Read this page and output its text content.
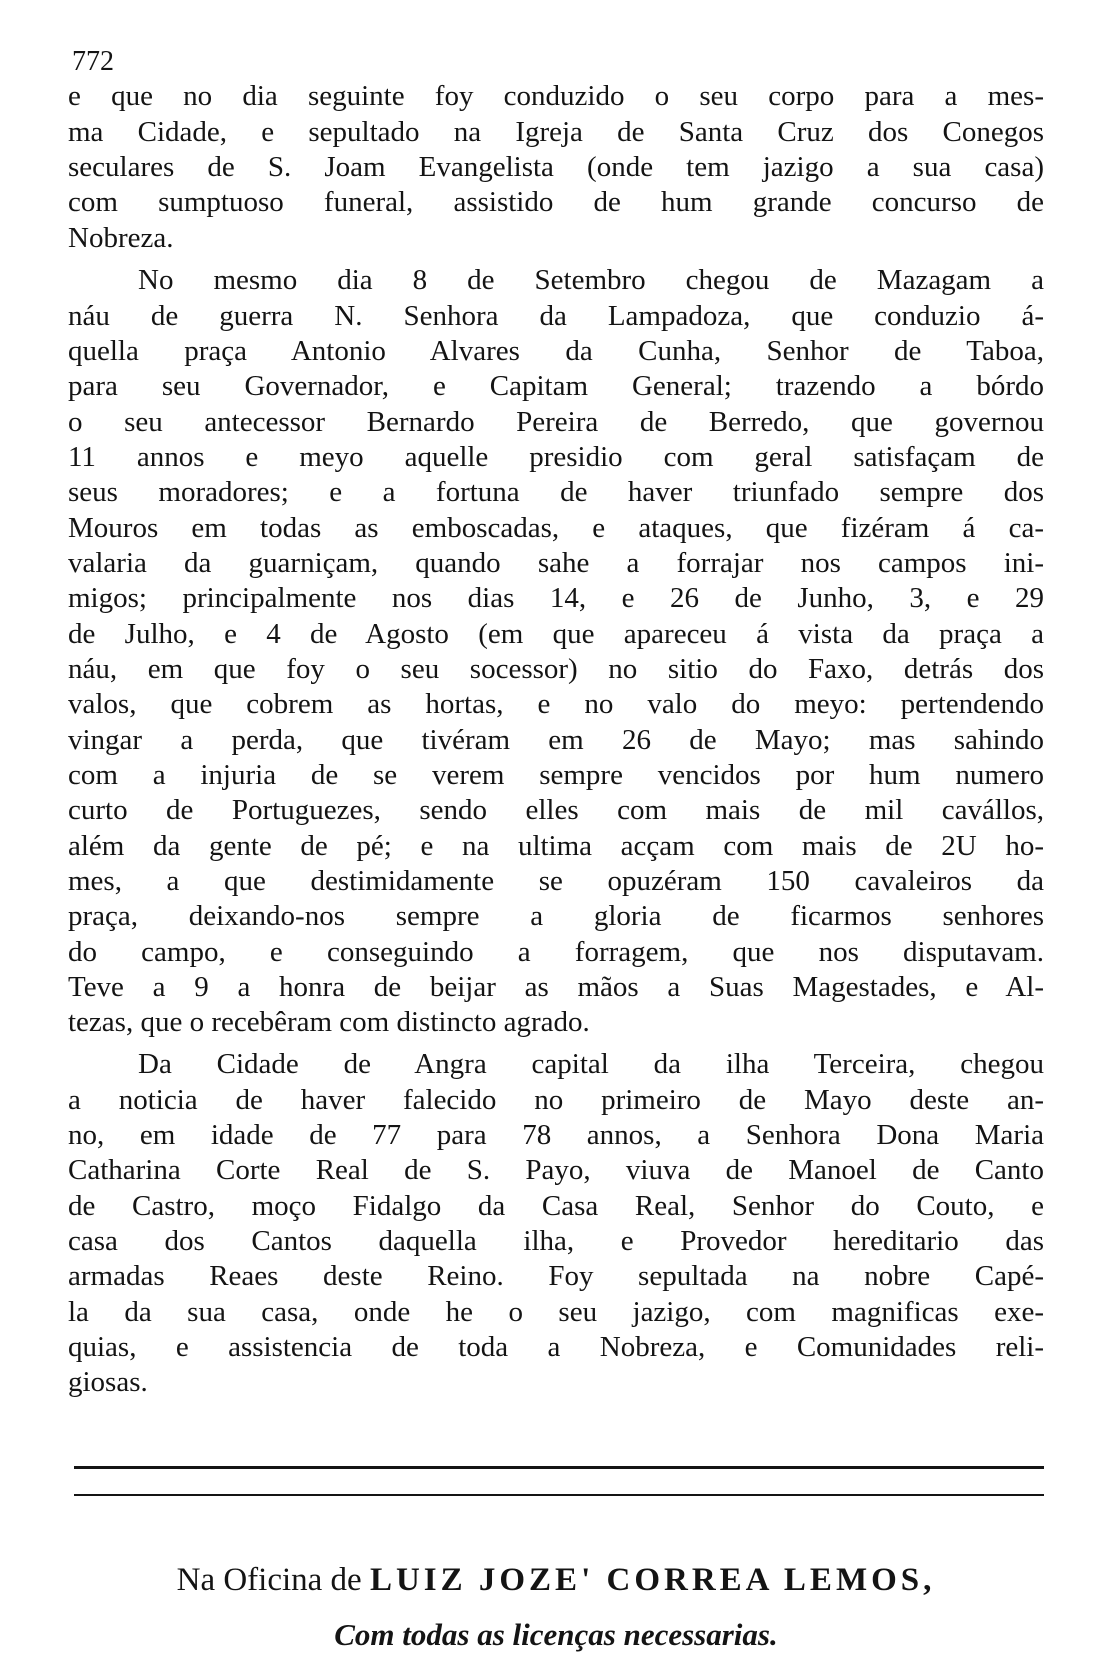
772
e que no dia seguinte foy conduzido o seu corpo para a mes-
ma Cidade, e sepultado na Igreja de Santa Cruz dos Conegos
seculares de S. Joam Evangelista (onde tem jazigo a sua casa)
com sumptuoso funeral, assistido de hum grande concurso de
Nobreza.
No mesmo dia 8 de Setembro chegou de Mazagam a
náu de guerra N. Senhora da Lampadoza, que conduzio á-
quella praça Antonio Alvares da Cunha, Senhor de Taboa,
para seu Governador, e Capitam General; trazendo a bórdo
o seu antecessor Bernardo Pereira de Berredo, que governou
11 annos e meyo aquelle presidio com geral satisfaçam de
seus moradores; e a fortuna de haver triunfado sempre dos
Mouros em todas as emboscadas, e ataques, que fizéram á ca-
valaria da guarniçam, quando sahe a forrajar nos campos ini-
migos; principalmente nos dias 14, e 26 de Junho, 3, e 29
de Julho, e 4 de Agosto (em que apareceu á vista da praça a
náu, em que foy o seu socessor) no sitio do Faxo, detrás dos
valos, que cobrem as hortas, e no valo do meyo: pertendendo
vingar a perda, que tivéram em 26 de Mayo; mas sahindo
com a injuria de se verem sempre vencidos por hum numero
curto de Portuguezes, sendo elles com mais de mil cavállos,
além da gente de pé; e na ultima acçam com mais de 2U ho-
mes, a que destimidamente se opuzéram 150 cavaleiros da
praça, deixando-nos sempre a gloria de ficarmos senhores
do campo, e conseguindo a forragem, que nos disputavam.
Teve a 9 a honra de beijar as mãos a Suas Magestades, e Al-
tezas, que o recebêram com distincto agrado.
Da Cidade de Angra capital da ilha Terceira, chegou
a noticia de haver falecido no primeiro de Mayo deste an-
no, em idade de 77 para 78 annos, a Senhora Dona Maria
Catharina Corte Real de S. Payo, viuva de Manoel de Canto
de Castro, moço Fidalgo da Casa Real, Senhor do Couto, e
casa dos Cantos daquella ilha, e Provedor hereditario das
armadas Reaes deste Reino. Foy sepultada na nobre Capé-
la da sua casa, onde he o seu jazigo, com magnificas exe-
quias, e assistencia de toda a Nobreza, e Comunidades reli-
giosas.
Na Oficina de LUIZ JOZE' CORREA LEMOS,
Com todas as licenças necessarias.
